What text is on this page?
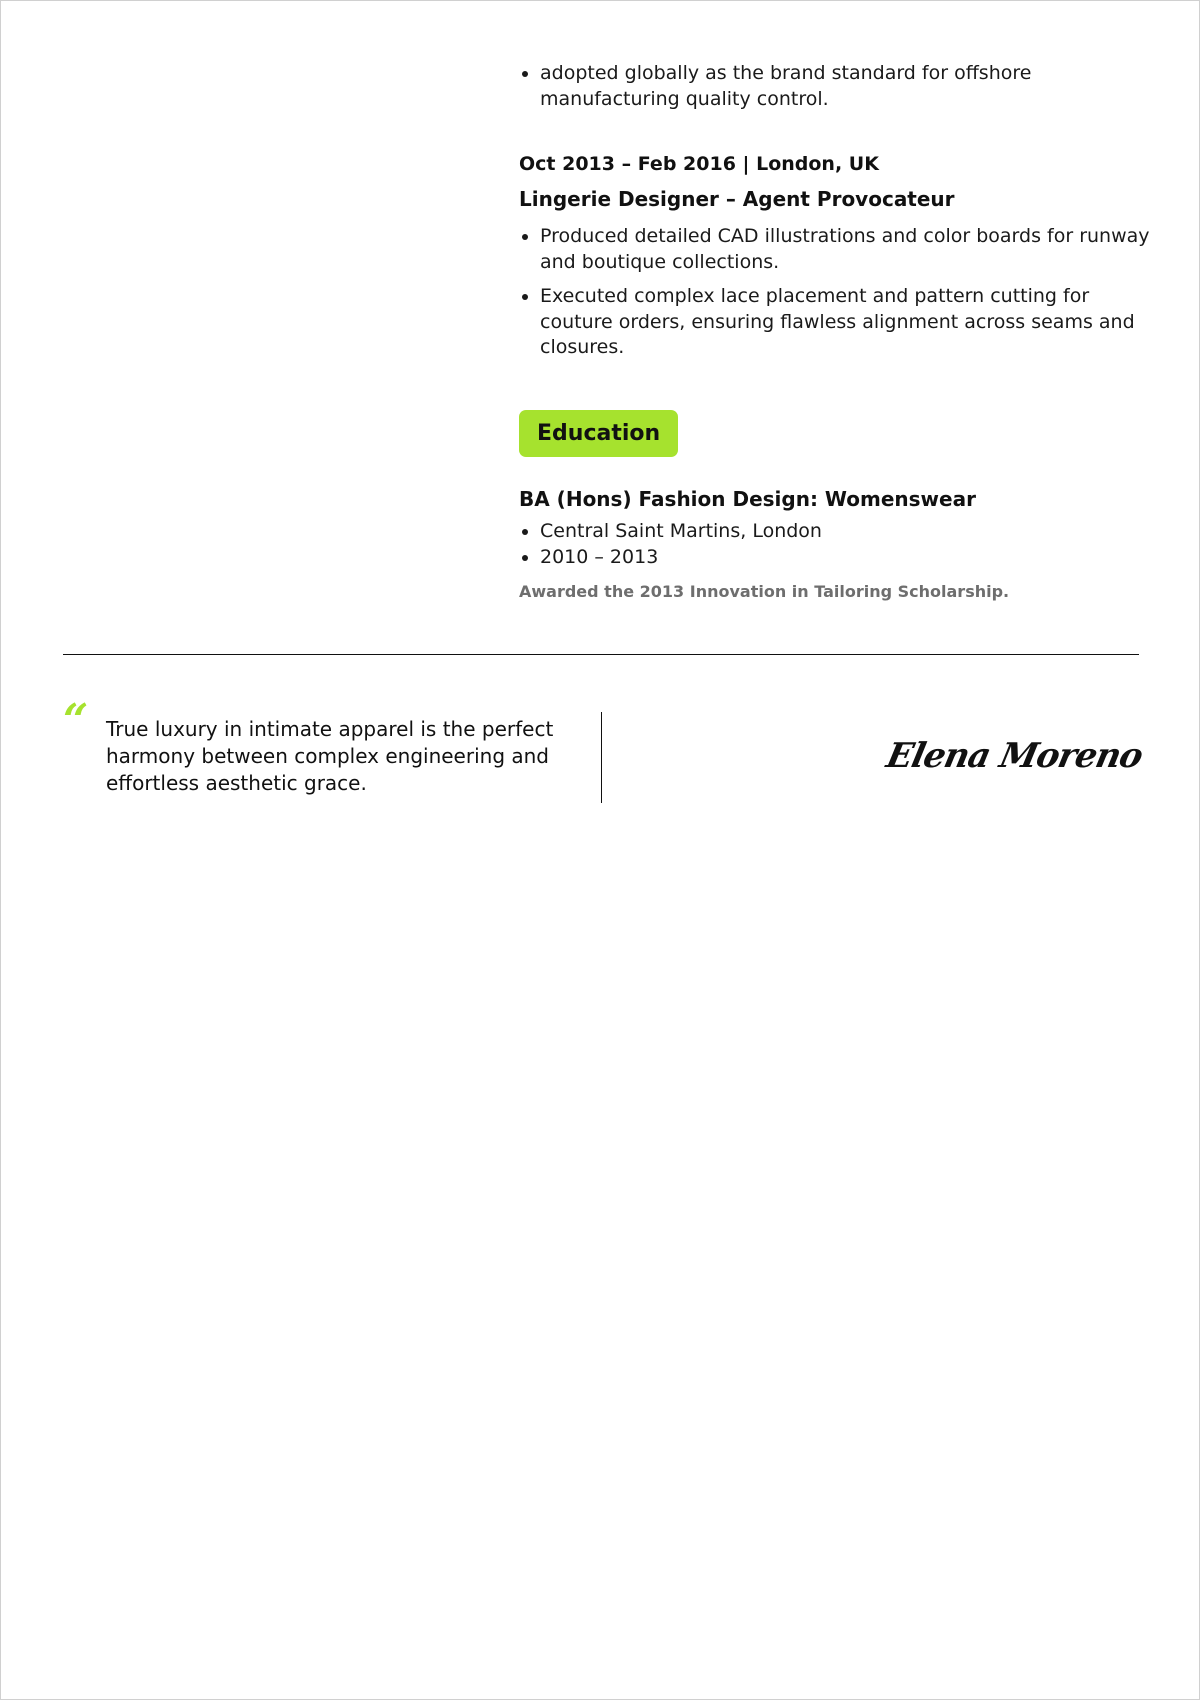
• adopted globally as the brand standard for offshore manufacturing quality control.
Oct 2013 – Feb 2016 | London, UK
Lingerie Designer – Agent Provocateur
• Produced detailed CAD illustrations and color boards for runway and boutique collections.
• Executed complex lace placement and pattern cutting for couture orders, ensuring flawless alignment across seams and closures.
Education
BA (Hons) Fashion Design: Womenswear
• Central Saint Martins, London
• 2010 – 2013
Awarded the 2013 Innovation in Tailoring Scholarship.
“ True luxury in intimate apparel is the perfect harmony between complex engineering and effortless aesthetic grace.
Elena Moreno
